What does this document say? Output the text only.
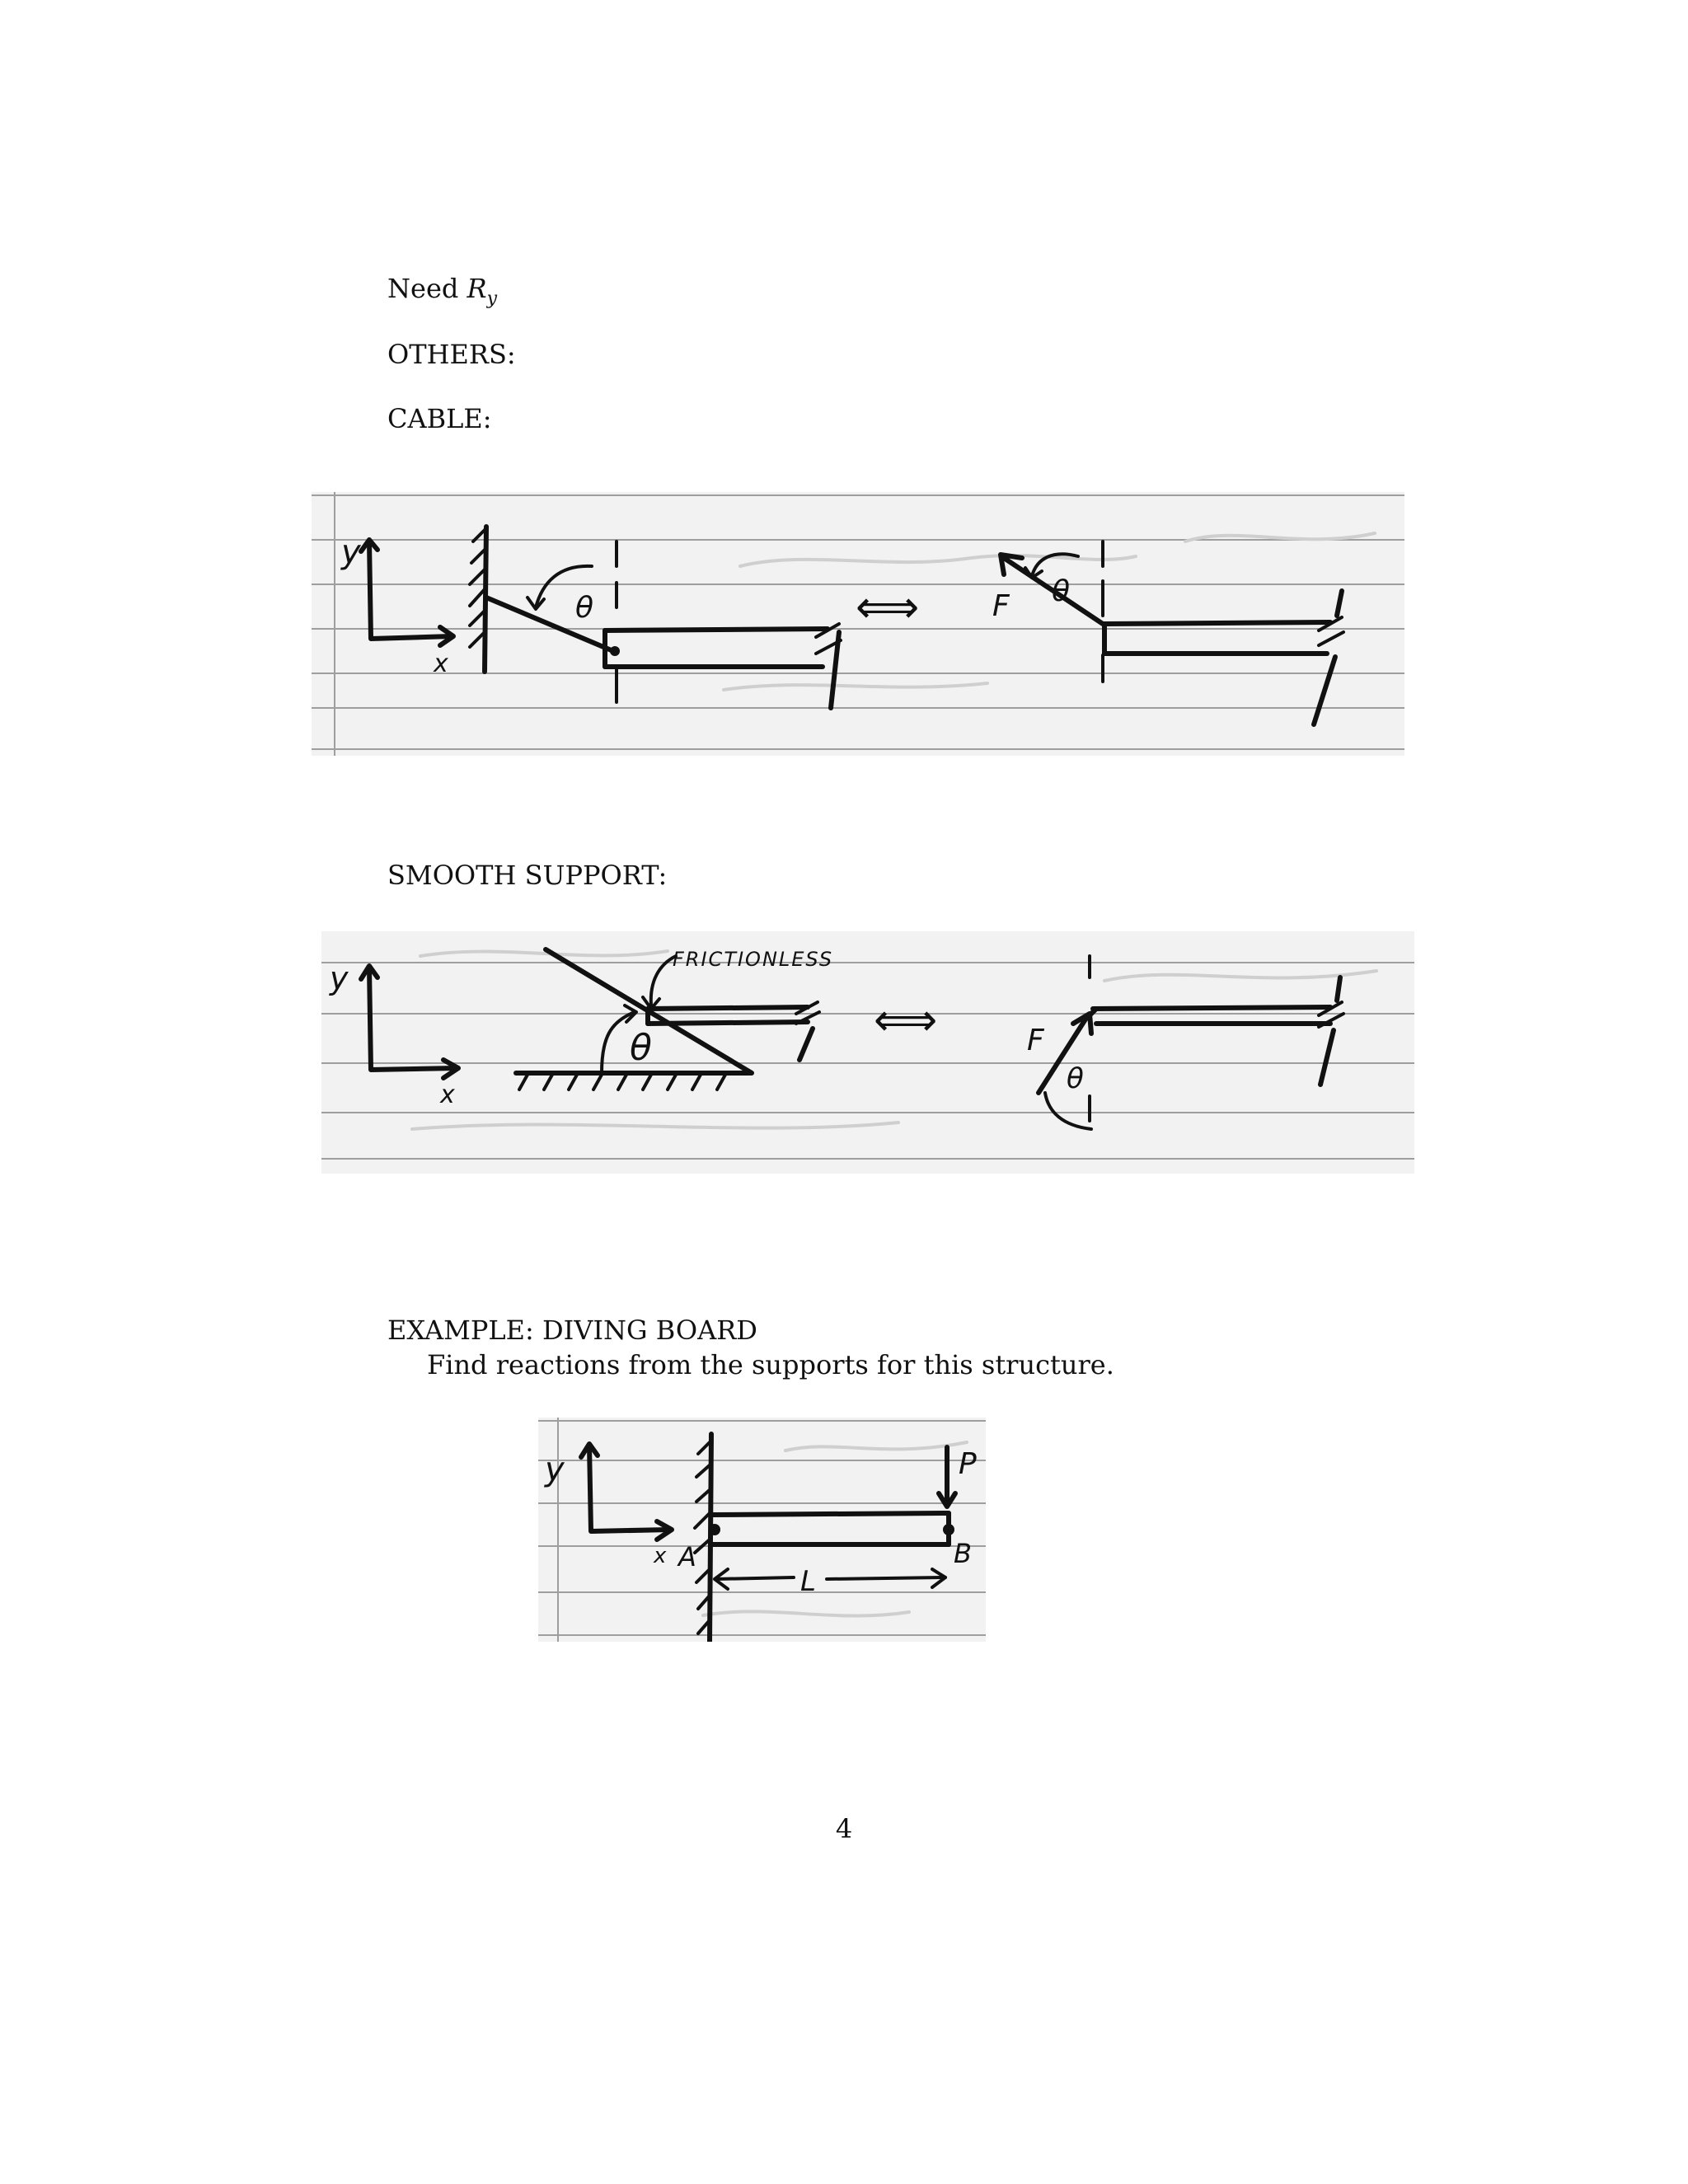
Need $R_y$
OTHERS:
CABLE:
y
x
θ	⟺ F θ
SMOOTH SUPPORT:
y
x
θ
FRICTIONLESS
⟺	F
θ
EXAMPLE: DIVING BOARD
Find reactions from the supports for this structure.
y
x A	B
P
L
4
